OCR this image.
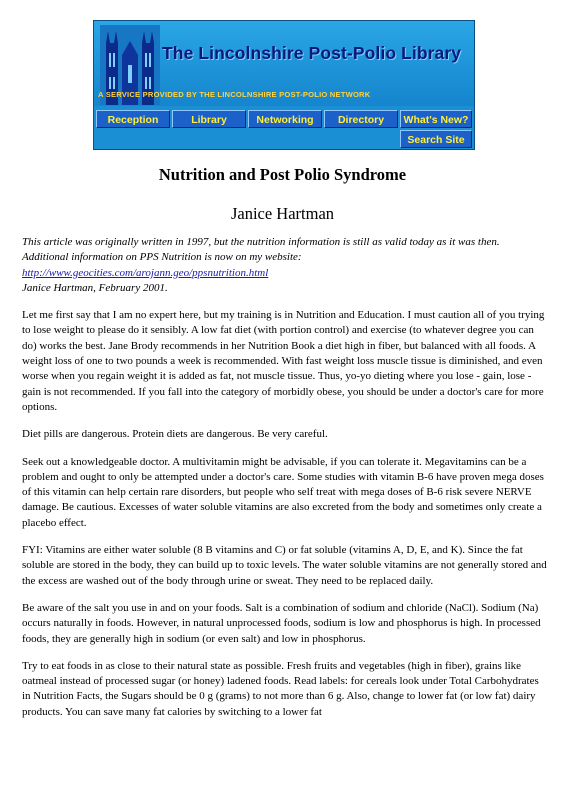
The Lincolnshire Post-Polio Library
A SERVICE PROVIDED BY THE LINCOLNSHIRE POST-POLIO NETWORK
Reception	Library	Networking	Directory	What's New?
Search Site
Nutrition and Post Polio Syndrome
Janice Hartman

This article was originally written in 1997, but the nutrition information is still as valid today as it was then. Additional information on PPS Nutrition is now on my website:
http://www.geocities.com/arojann.geo/ppsnutrition.html
Janice Hartman, February 2001.

Let me first say that I am no expert here, but my training is in Nutrition and Education. I must caution all of you trying to lose weight to please do it sensibly. A low fat diet (with portion control) and exercise (to whatever degree you can do) works the best. Jane Brody recommends in her Nutrition Book a diet high in fiber, but balanced with all foods. A weight loss of one to two pounds a week is recommended. With fast weight loss muscle tissue is diminished, and even worse when you regain weight it is added as fat, not muscle tissue. Thus, yo-yo dieting where you lose - gain, lose - gain is not recommended. If you fall into the category of morbidly obese, you should be under a doctor's care for more options.

Diet pills are dangerous. Protein diets are dangerous. Be very careful.

Seek out a knowledgeable doctor. A multivitamin might be advisable, if you can tolerate it. Megavitamins can be a problem and ought to only be attempted under a doctor's care. Some studies with vitamin B-6 have proven mega doses of this vitamin can help certain rare disorders, but people who self treat with mega doses of B-6 risk severe NERVE damage. Be cautious. Excesses of water soluble vitamins are also excreted from the body and sometimes only create a placebo effect.

FYI: Vitamins are either water soluble (8 B vitamins and C) or fat soluble (vitamins A, D, E, and K). Since the fat soluble are stored in the body, they can build up to toxic levels. The water soluble vitamins are not generally stored and the excess are washed out of the body through urine or sweat. They need to be replaced daily.

Be aware of the salt you use in and on your foods. Salt is a combination of sodium and chloride (NaCl). Sodium (Na) occurs naturally in foods. However, in natural unprocessed foods, sodium is low and phosphorus is high. In processed foods, they are generally high in sodium (or even salt) and low in phosphorus.

Try to eat foods in as close to their natural state as possible. Fresh fruits and vegetables (high in fiber), grains like oatmeal instead of processed sugar (or honey) ladened foods. Read labels: for cereals look under Total Carbohydrates in Nutrition Facts, the Sugars should be 0 g (grams) to not more than 6 g. Also, change to lower fat (or low fat) dairy products. You can save many fat calories by switching to a lower fat
